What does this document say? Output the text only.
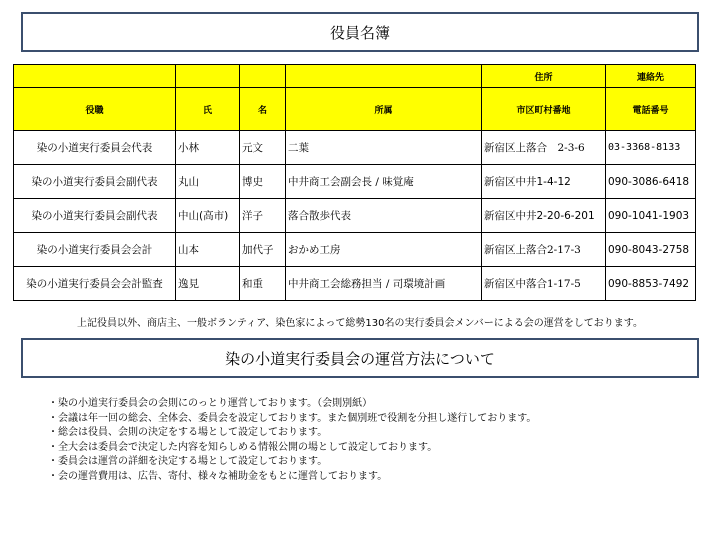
役員名簿
				住所	連絡先
役職	氏	名	所属	市区町村番地	電話番号
染の小道実行委員会代表	小林	元文	二葉	新宿区上落合　2-3-6	03-3368-8133
染の小道実行委員会副代表	丸山	博史	中井商工会副会長 / 味覚庵	新宿区中井1-4-12	090-3086-6418
染の小道実行委員会副代表	中山(高市)	洋子	落合散歩代表	新宿区中井2-20-6-201	090-1041-1903
染の小道実行委員会会計	山本	加代子	おかめ工房	新宿区上落合2-17-3	090-8043-2758
染の小道実行委員会会計監査	逸見	和重	中井商工会総務担当 / 司環境計画	新宿区中落合1-17-5	090-8853-7492
上記役員以外、商店主、一般ボランティア、染色家によって総勢130名の実行委員会メンバーによる会の運営をしております。
染の小道実行委員会の運営方法について
・染の小道実行委員会の会則にのっとり運営しております。（会則別紙）
・会議は年一回の総会、全体会、委員会を設定しております。また個別班で役割を分担し遂行しております。
・総会は役員、会則の決定をする場として設定しております。
・全大会は委員会で決定した内容を知らしめる情報公開の場として設定しております。
・委員会は運営の詳細を決定する場として設定しております。
・会の運営費用は、広告、寄付、様々な補助金をもとに運営しております。
